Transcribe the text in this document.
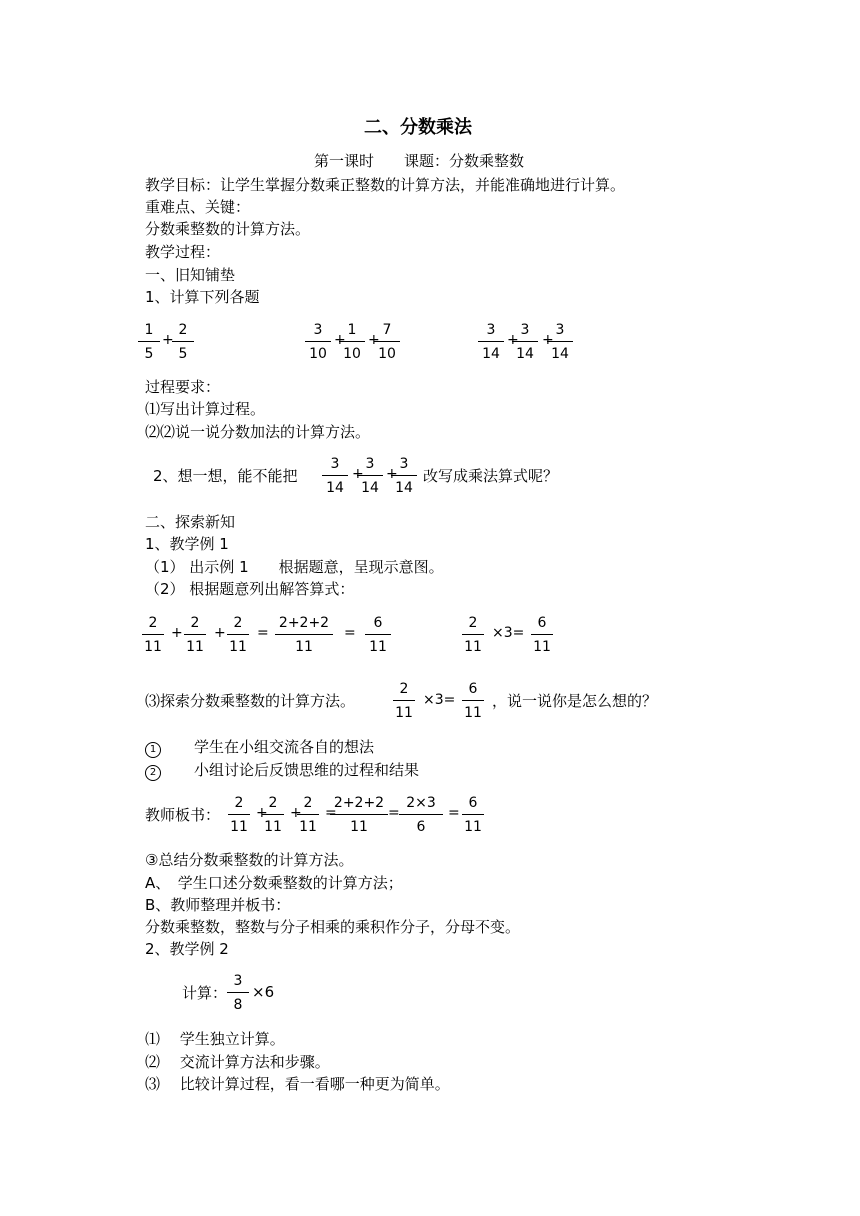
二、分数乘法
第一课时　　课题：分数乘整数
教学目标：让学生掌握分数乘正整数的计算方法，并能准确地进行计算。
重难点、关键：
分数乘整数的计算方法。
教学过程：
一、旧知铺垫
1、计算下列各题
1
5
+
2
5
3
10
+
1
10
+
7
10
3
14
+
3
14
+
3
14
过程要求：
⑴写出计算过程。
⑵⑵说一说分数加法的计算方法。
2、想一想，能不能把
3
14
+
3
14
+
3
14
改写成乘法算式呢？
二、探索新知
1、教学例 1
（1） 出示例 1　　根据题意，呈现示意图。
（2） 根据题意列出解答算式：
2
11
+
2
11
+
2
11
=
2+2+2
11
=
6
11
2
11
×3=
6
11
⑶探索分数乘整数的计算方法。
2
11
×3=
6
11
，说一说你是怎么想的？
1	学生在小组交流各自的想法
2	小组讨论后反馈思维的过程和结果
教师板书：
2
11
+
2
11
+
2
11
=
2+2+2
11
=
2×3
6
=
6
11
③总结分数乘整数的计算方法。
A、　学生口述分数乘整数的计算方法；
B、教师整理并板书：
分数乘整数，整数与分子相乘的乘积作分子，分母不变。
2、教学例 2
计算：
3
8
×6
⑴　 学生独立计算。
⑵　 交流计算方法和步骤。
⑶　 比较计算过程，看一看哪一种更为简单。
